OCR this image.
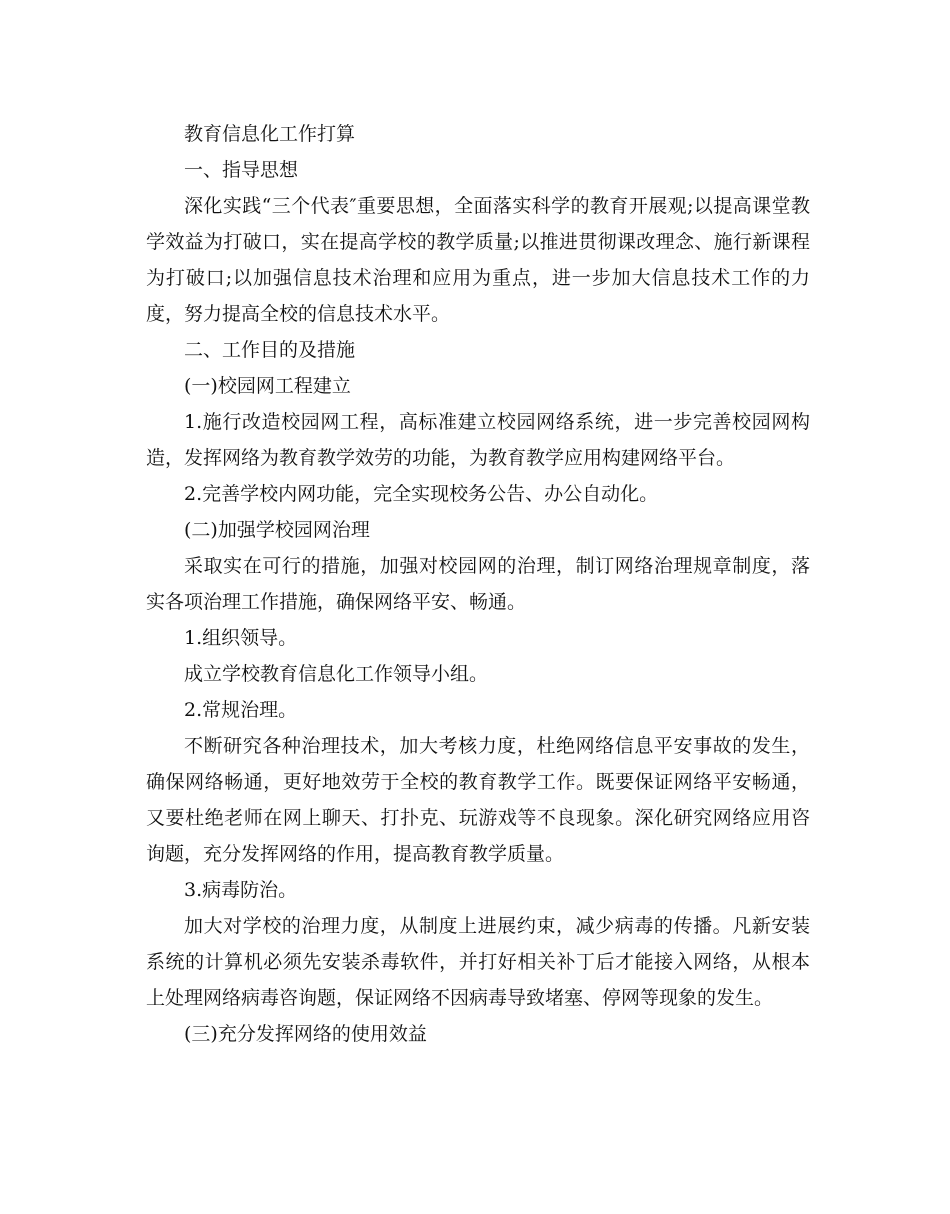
教育信息化工作打算

一、指导思想

深化实践“三个代表″重要思想，全面落实科学的教育开展观;以提高课堂教学效益为打破口，实在提高学校的教学质量;以推进贯彻课改理念、施行新课程为打破口;以加强信息技术治理和应用为重点，进一步加大信息技术工作的力度，努力提高全校的信息技术水平。

二、工作目的及措施

(一)校园网工程建立

1.施行改造校园网工程，高标准建立校园网络系统，进一步完善校园网构造，发挥网络为教育教学效劳的功能，为教育教学应用构建网络平台。

2.完善学校内网功能，完全实现校务公告、办公自动化。

(二)加强学校园网治理

采取实在可行的措施，加强对校园网的治理，制订网络治理规章制度，落实各项治理工作措施，确保网络平安、畅通。

1.组织领导。

成立学校教育信息化工作领导小组。

2.常规治理。

不断研究各种治理技术，加大考核力度，杜绝网络信息平安事故的发生，确保网络畅通，更好地效劳于全校的教育教学工作。既要保证网络平安畅通，又要杜绝老师在网上聊天、打扑克、玩游戏等不良现象。深化研究网络应用咨询题，充分发挥网络的作用，提高教育教学质量。

3.病毒防治。

加大对学校的治理力度，从制度上进展约束，减少病毒的传播。凡新安装系统的计算机必须先安装杀毒软件，并打好相关补丁后才能接入网络，从根本上处理网络病毒咨询题，保证网络不因病毒导致堵塞、停网等现象的发生。

(三)充分发挥网络的使用效益
